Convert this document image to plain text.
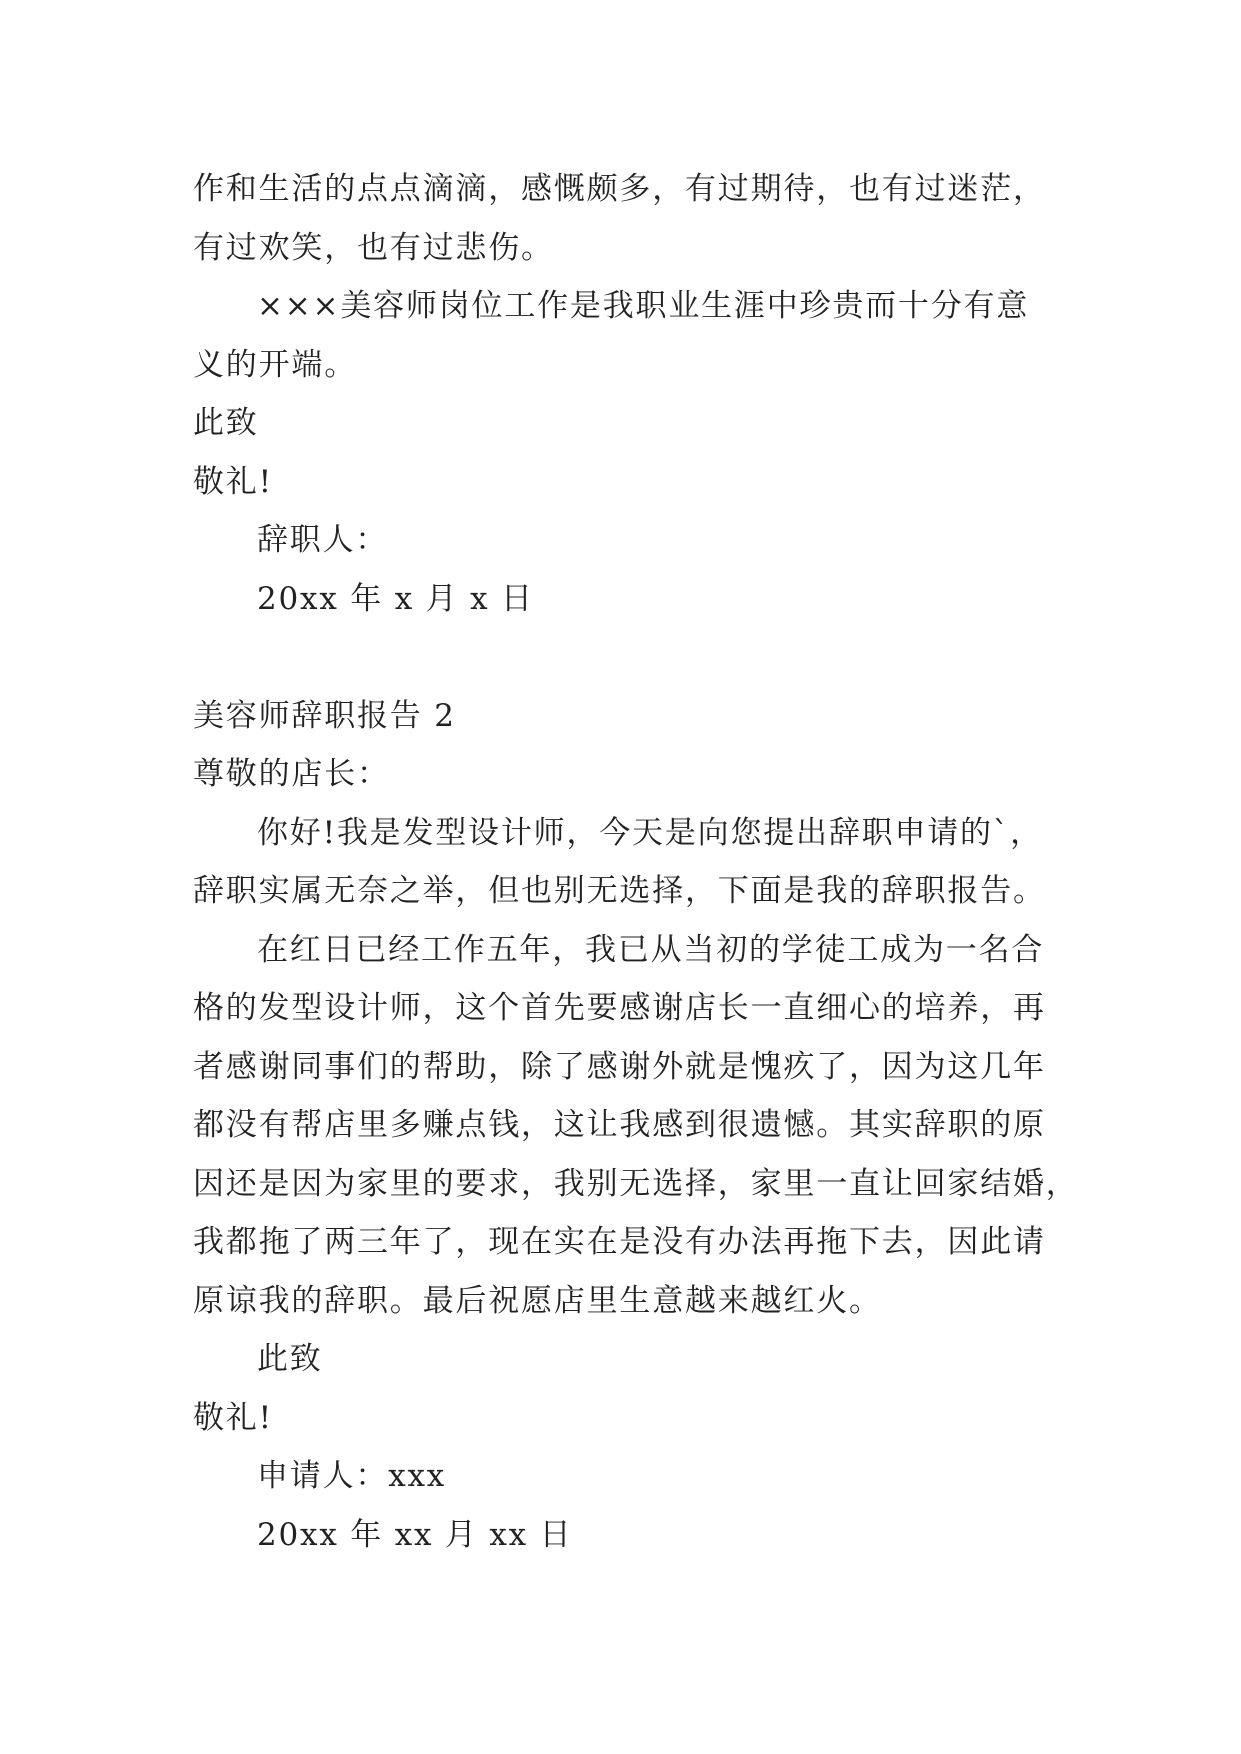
作和生活的点点滴滴，感慨颇多，有过期待，也有过迷茫，
有过欢笑，也有过悲伤。
×××美容师岗位工作是我职业生涯中珍贵而十分有意
义的开端。
此致
敬礼!
辞职人：
20xx 年 x 月 x 日
美容师辞职报告 2
尊敬的店长：
你好!我是发型设计师，今天是向您提出辞职申请的`，
辞职实属无奈之举，但也别无选择，下面是我的辞职报告。
在红日已经工作五年，我已从当初的学徒工成为一名合
格的发型设计师，这个首先要感谢店长一直细心的培养，再
者感谢同事们的帮助，除了感谢外就是愧疚了，因为这几年
都没有帮店里多赚点钱，这让我感到很遗憾。其实辞职的原
因还是因为家里的要求，我别无选择，家里一直让回家结婚，
我都拖了两三年了，现在实在是没有办法再拖下去，因此请
原谅我的辞职。最后祝愿店里生意越来越红火。
此致
敬礼!
申请人：xxx
20xx 年 xx 月 xx 日
